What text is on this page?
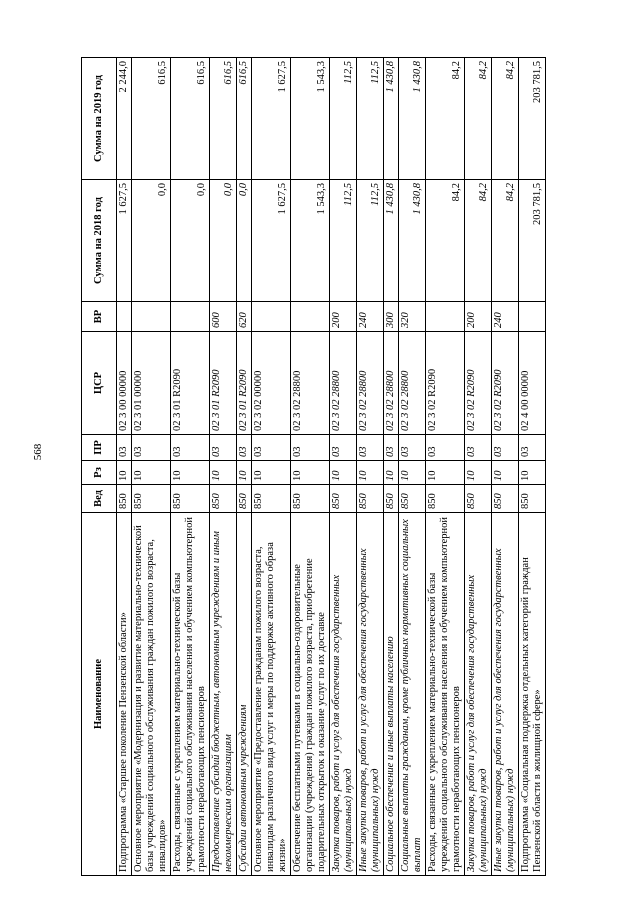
568
Наименование	Вед	Рз	ПР	ЦСР	ВР	Сумма на 2018 год	Сумма на 2019 год
Подпрограмма «Старшее поколение Пензенской области»	850	10	03	02 3 00 00000		1 627,5	2 244,0
Основное мероприятие «Модернизация и развитие материально-технической базы учреждений социального обслуживания граждан пожилого возраста, инвалидов»	850	10	03	02 3 01 00000		0,0	616,5
Расходы, связанные с укреплением материально-технической базы учреждений социального обслуживания населения и обучением компьютерной грамотности неработающих пенсионеров	850	10	03	02 3 01 R2090		0,0	616,5
Предоставление субсидий бюджетным, автономным учреждениям и иным некоммерческим организациям	850	10	03	02 3 01 R2090	600	0,0	616,5
Субсидии автономным учреждениям	850	10	03	02 3 01 R2090	620	0,0	616,5
Основное мероприятие «Предоставление гражданам пожилого возраста, инвалидам различного вида услуг и меры по поддержке активного образа жизни»	850	10	03	02 3 02 00000		1 627,5	1 627,5
Обеспечение бесплатными путевками в социально-оздоровительные организации (учреждения) граждан пожилого возраста, приобретение подарительных открыток и оказание услуг по их доставке	850	10	03	02 3 02 28800		1 543,3	1 543,3
Закупка товаров, работ и услуг для обеспечения государственных (муниципальных) нужд	850	10	03	02 3 02 28800	200	112,5	112,5
Иные закупки товаров, работ и услуг для обеспечения государственных (муниципальных) нужд	850	10	03	02 3 02 28800	240	112,5	112,5
Социальное обеспечение и иные выплаты населению	850	10	03	02 3 02 28800	300	1 430,8	1 430,8
Социальные выплаты гражданам, кроме публичных нормативных социальных выплат	850	10	03	02 3 02 28800	320	1 430,8	1 430,8
Расходы, связанные с укреплением материально-технической базы учреждений социального обслуживания населения и обучением компьютерной грамотности неработающих пенсионеров	850	10	03	02 3 02 R2090		84,2	84,2
Закупка товаров, работ и услуг для обеспечения государственных (муниципальных) нужд	850	10	03	02 3 02 R2090	200	84,2	84,2
Иные закупки товаров, работ и услуг для обеспечения государственных (муниципальных) нужд	850	10	03	02 3 02 R2090	240	84,2	84,2
Подпрограмма «Социальная поддержка отдельных категорий граждан Пензенской области в жилищной сфере»	850	10	03	02 4 00 00000		203 781,5	203 781,5
